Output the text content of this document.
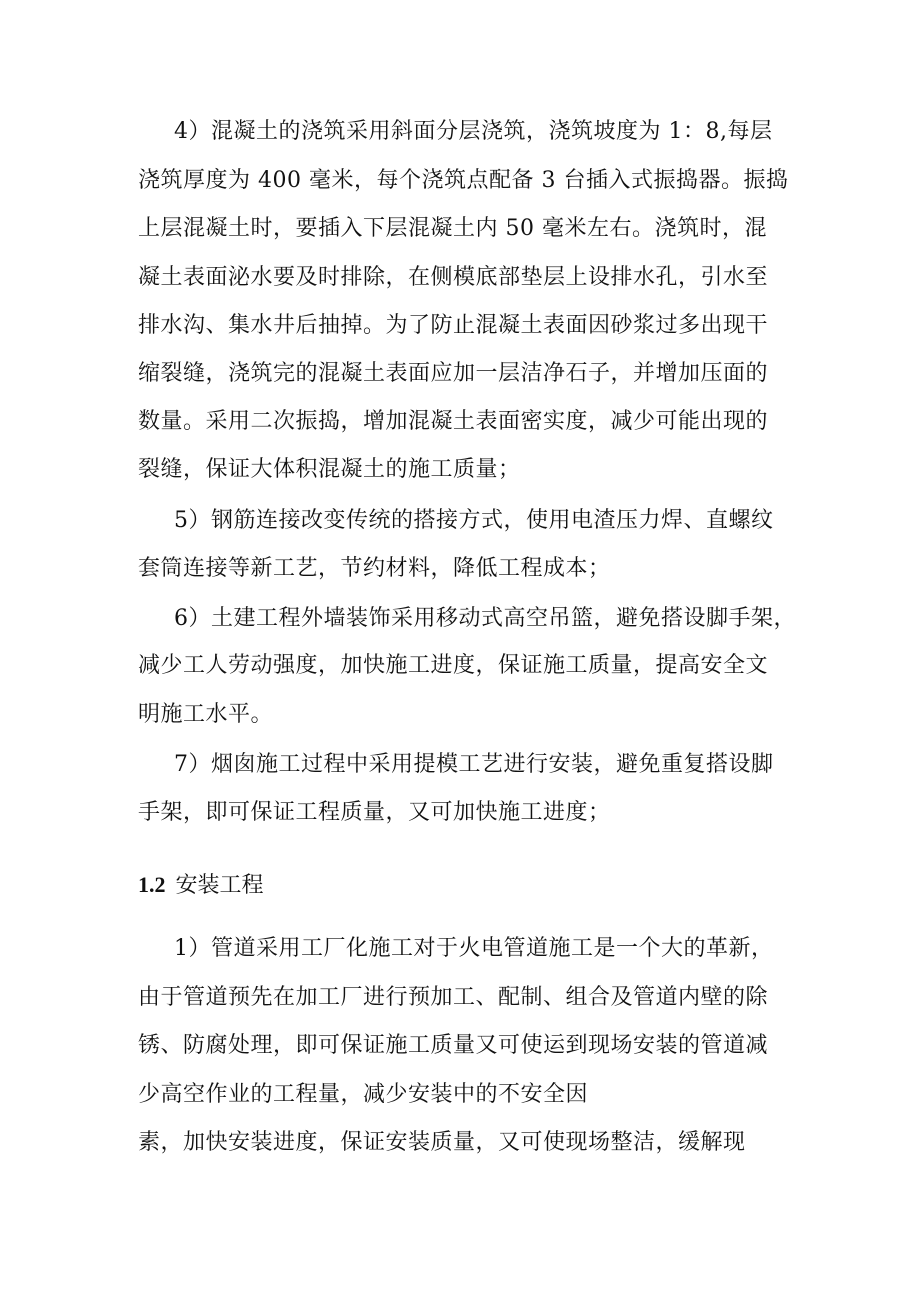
4）混凝土的浇筑采用斜面分层浇筑，浇筑坡度为 1：8,每层
浇筑厚度为 400 毫米，每个浇筑点配备 3 台插入式振捣器。振捣
上层混凝土时，要插入下层混凝土内 50 毫米左右。浇筑时，混
凝土表面泌水要及时排除，在侧模底部垫层上设排水孔，引水至
排水沟、集水井后抽掉。为了防止混凝土表面因砂浆过多出现干
缩裂缝，浇筑完的混凝土表面应加一层洁净石子，并增加压面的
数量。采用二次振捣，增加混凝土表面密实度，减少可能出现的
裂缝，保证大体积混凝土的施工质量；
5）钢筋连接改变传统的搭接方式，使用电渣压力焊、直螺纹
套筒连接等新工艺，节约材料，降低工程成本；
6）土建工程外墙装饰采用移动式高空吊篮，避免搭设脚手架，
减少工人劳动强度，加快施工进度，保证施工质量，提高安全文
明施工水平。
7）烟囱施工过程中采用提模工艺进行安装，避免重复搭设脚
手架，即可保证工程质量，又可加快施工进度；
1.2 安装工程
1）管道采用工厂化施工对于火电管道施工是一个大的革新，
由于管道预先在加工厂进行预加工、配制、组合及管道内壁的除
锈、防腐处理，即可保证施工质量又可使运到现场安装的管道减
少高空作业的工程量，减少安装中的不安全因
素，加快安装进度，保证安装质量，又可使现场整洁，缓解现
